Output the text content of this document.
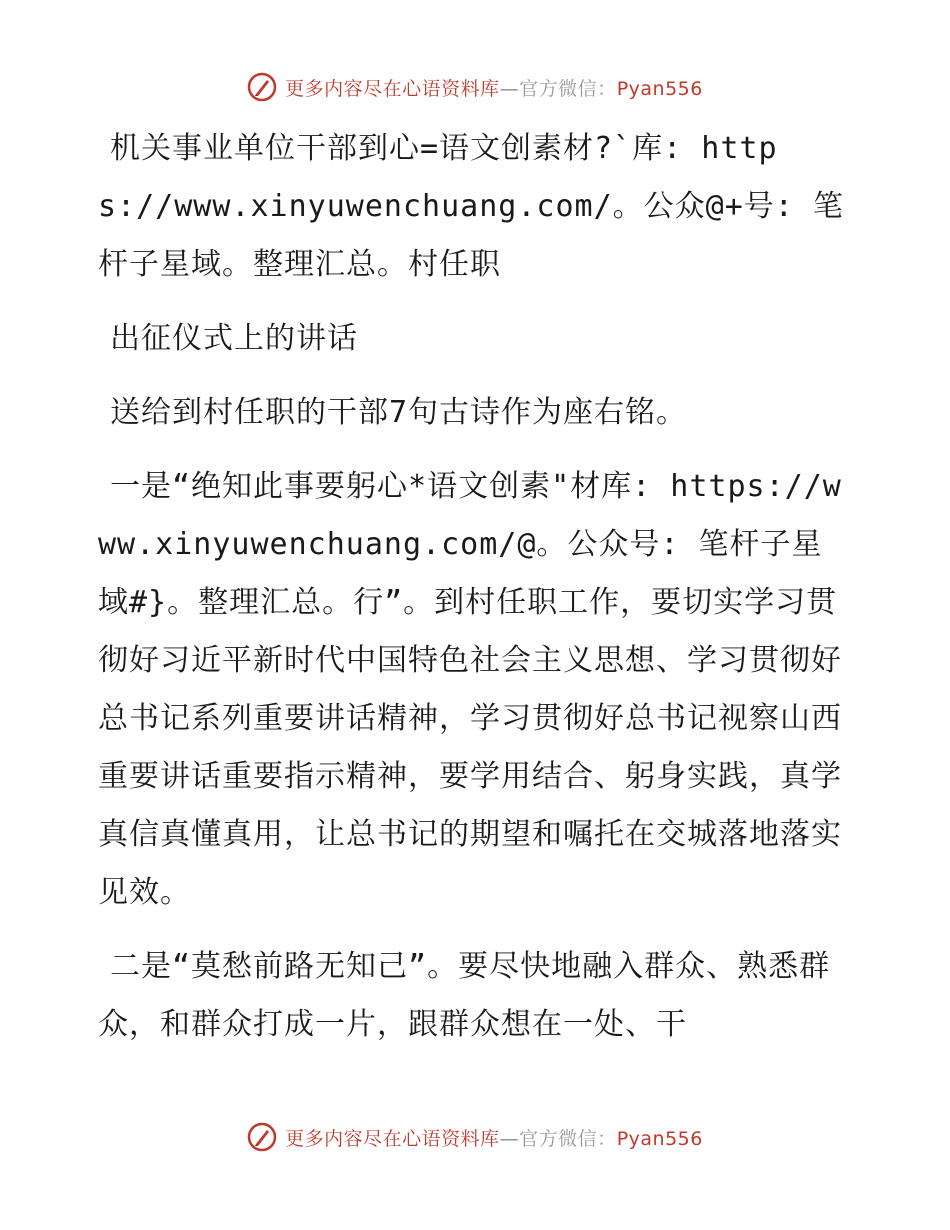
更多内容尽在心语资料库—官方微信：Pyan556

机关事业单位干部到心=语文创素材?`库: https://www.xinyuwenchuang.com/。公众@+号: 笔杆子星域。整理汇总。村任职

出征仪式上的讲话

送给到村任职的干部7句古诗作为座右铭。

一是“绝知此事要躬心*语文创素"材库: https://www.xinyuwenchuang.com/@。公众号: 笔杆子星域#}。整理汇总。行”。到村任职工作，要切实学习贯彻好习近平新时代中国特色社会主义思想、学习贯彻好总书记系列重要讲话精神，学习贯彻好总书记视察山西重要讲话重要指示精神，要学用结合、躬身实践，真学真信真懂真用，让总书记的期望和嘱托在交城落地落实见效。

二是“莫愁前路无知己”。要尽快地融入群众、熟悉群众，和群众打成一片，跟群众想在一处、干

更多内容尽在心语资料库—官方微信：Pyan556
